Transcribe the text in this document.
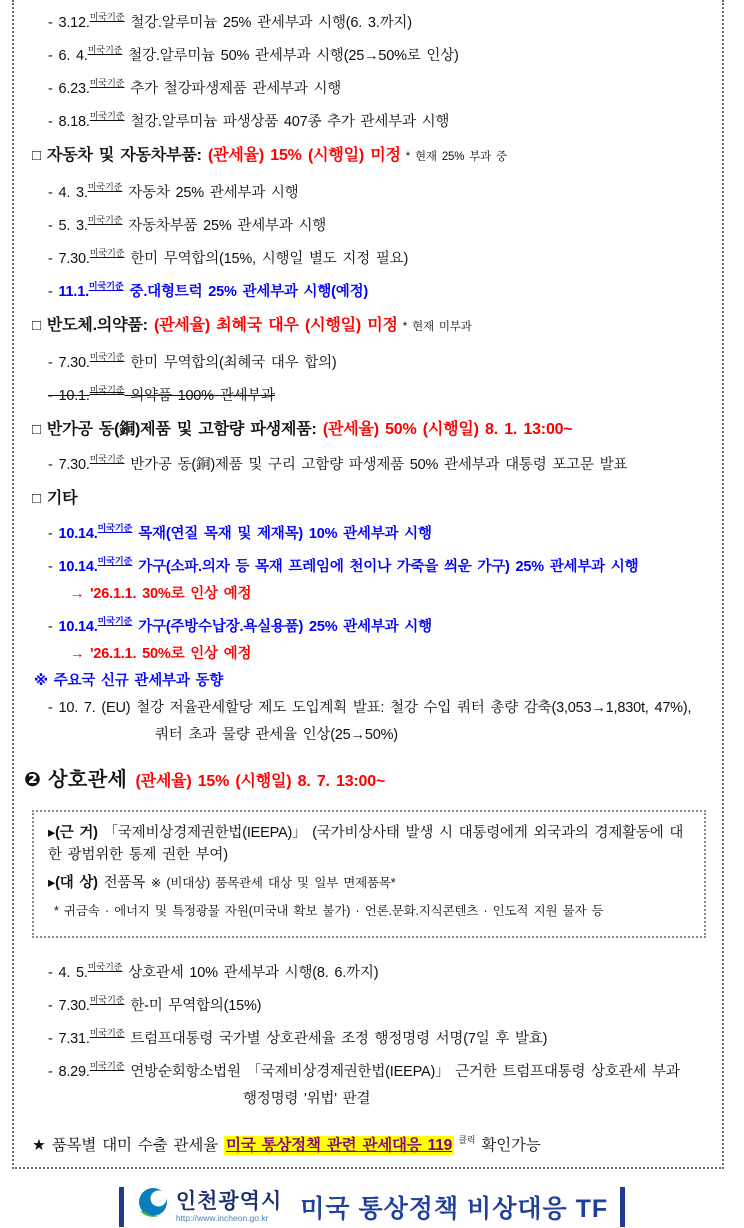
- 3.12.$^{미국기준}$ 철강.알루미늄 25% 관세부과 시행(6. 3.까지)
- 6. 4.$^{미국기준}$ 철강.알루미늄 50% 관세부과 시행(25→50%로 인상)
- 6.23.$^{미국기준}$ 추가 철강파생제품 관세부과 시행
- 8.18.$^{미국기준}$ 철강.알루미늄 파생상품 407종 추가 관세부과 시행
□ 자동차 및 자동차부품: (관세율) 15% (시행일) 미정 * 현재 25% 부과 중
- 4. 3.$^{미국기준}$ 자동차 25% 관세부과 시행
- 5. 3.$^{미국기준}$ 자동차부품 25% 관세부과 시행
- 7.30.$^{미국기준}$ 한미 무역합의(15%, 시행일 별도 지정 필요)
- 11.1.$^{미국기준}$ 중.대형트럭 25% 관세부과 시행(예정)
□ 반도체.의약품: (관세율) 최혜국 대우 (시행일) 미정 * 현재 미부과
- 7.30.$^{미국기준}$ 한미 무역합의(최혜국 대우 합의)
- 10.1.$^{미국기준}$ 의약품 100% 관세부과
□ 반가공 동(銅)제품 및 고함량 파생제품: (관세율) 50% (시행일) 8. 1. 13:00~
- 7.30.$^{미국기준}$ 반가공 동(銅)제품 및 구리 고함량 파생제품 50% 관세부과 대통령 포고문 발표
□ 기타
- 10.14.$^{미국기준}$ 목재(연질 목재 및 제재목) 10% 관세부과 시행
- 10.14.$^{미국기준}$ 가구(소파.의자 등 목재 프레임에 천이나 가죽을 씌운 가구) 25% 관세부과 시행
→ '26.1.1. 30%로 인상 예정
- 10.14.$^{미국기준}$ 가구(주방수납장.욕실용품) 25% 관세부과 시행
→ '26.1.1. 50%로 인상 예정
※ 주요국 신규 관세부과 동향
- 10. 7. (EU) 철강 저율관세할당 제도 도입계획 발표: 철강 수입 쿼터 총량 감축(3,053→1,830t, 47%),
쿼터 초과 물량 관세율 인상(25→50%)
❷ 상호관세 (관세율) 15% (시행일) 8. 7. 13:00~
▸(근 거) 「국제비상경제권한법(IEEPA)」 (국가비상사태 발생 시 대통령에게 외국과의 경제활동에 대한 광범위한 통제 권한 부여)
▸(대 상) 전품목 ※ (비대상) 품목관세 대상 및 일부 면제품목*
* 귀금속 · 에너지 및 특정광물 자원(미국내 확보 불가) · 언론.문화.지식콘텐츠 · 인도적 지원 물자 등
- 4. 5.$^{미국기준}$ 상호관세 10% 관세부과 시행(8. 6.까지)
- 7.30.$^{미국기준}$ 한-미 무역합의(15%)
- 7.31.$^{미국기준}$ 트럼프대통령 국가별 상호관세율 조정 행정명령 서명(7일 후 발효)
- 8.29.$^{미국기준}$ 연방순회항소법원 「국제비상경제권한법(IEEPA)」 근거한 트럼프대통령 상호관세 부과
행정명령 '위법' 판결
★ 품목별 대미 수출 관세율 미국 통상정책 관련 관세대응 119 $^{클릭}$ 확인가능
인천광역시
http://www.incheon.go.kr	미국 통상정책 비상대응 TF
